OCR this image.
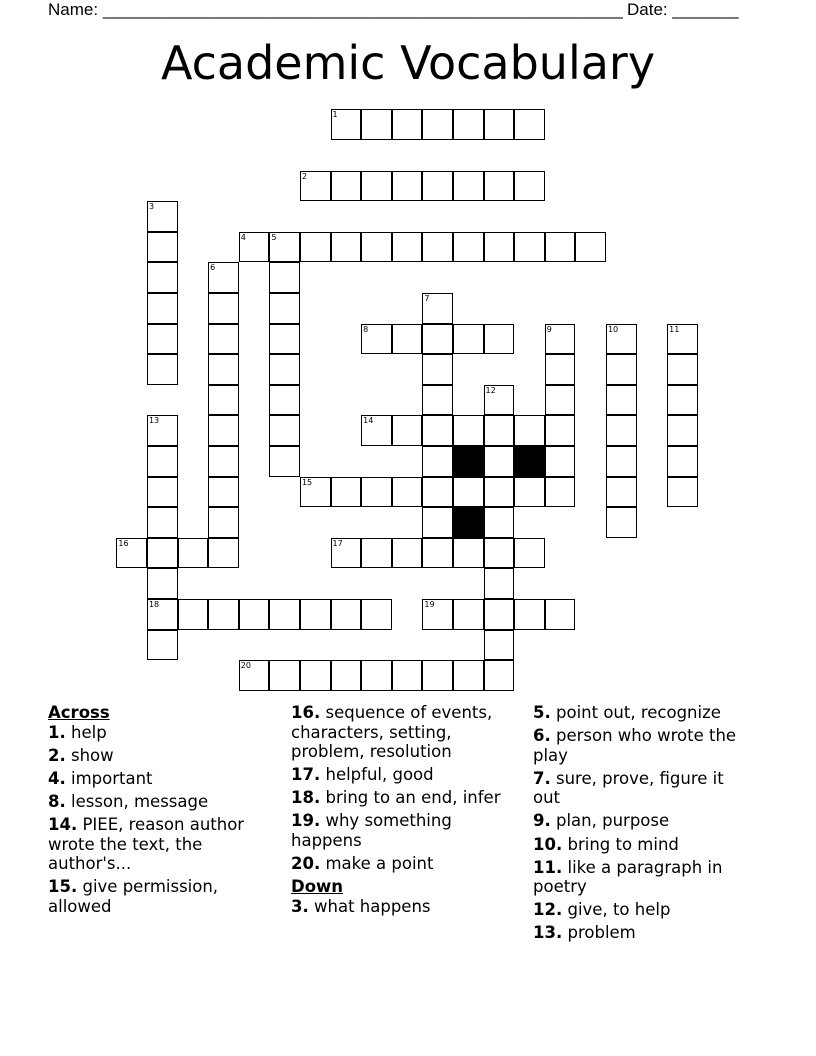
Name: _______________________________________________________ Date: _______
Academic Vocabulary
1
2
3
4	5
6
7
8	9	10	11
12
13
18
14
15
16	17
19
20
Across
1. help
2. show
4. important
8. lesson, message
14. PIEE, reason author wrote the text, the author's...
15. give permission, allowed
16. sequence of events, characters, setting, problem, resolution
17. helpful, good
18. bring to an end, infer
19. why something happens
20. make a point
Down
3. what happens
5. point out, recognize
6. person who wrote the play
7. sure, prove, figure it out
9. plan, purpose
10. bring to mind
11. like a paragraph in poetry
12. give, to help
13. problem
